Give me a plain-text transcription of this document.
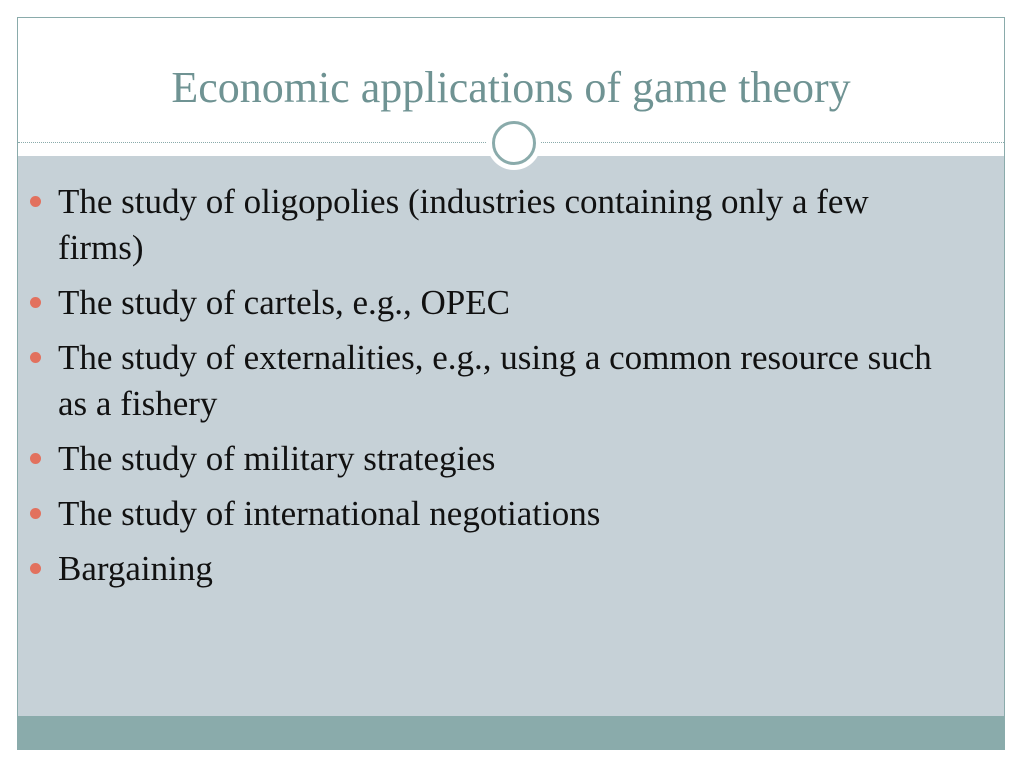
Economic applications of game theory
The study of oligopolies (industries containing only a few firms)
The study of cartels, e.g., OPEC
The study of externalities, e.g., using a common resource such as a fishery
The study of military strategies
The study of international negotiations
Bargaining
